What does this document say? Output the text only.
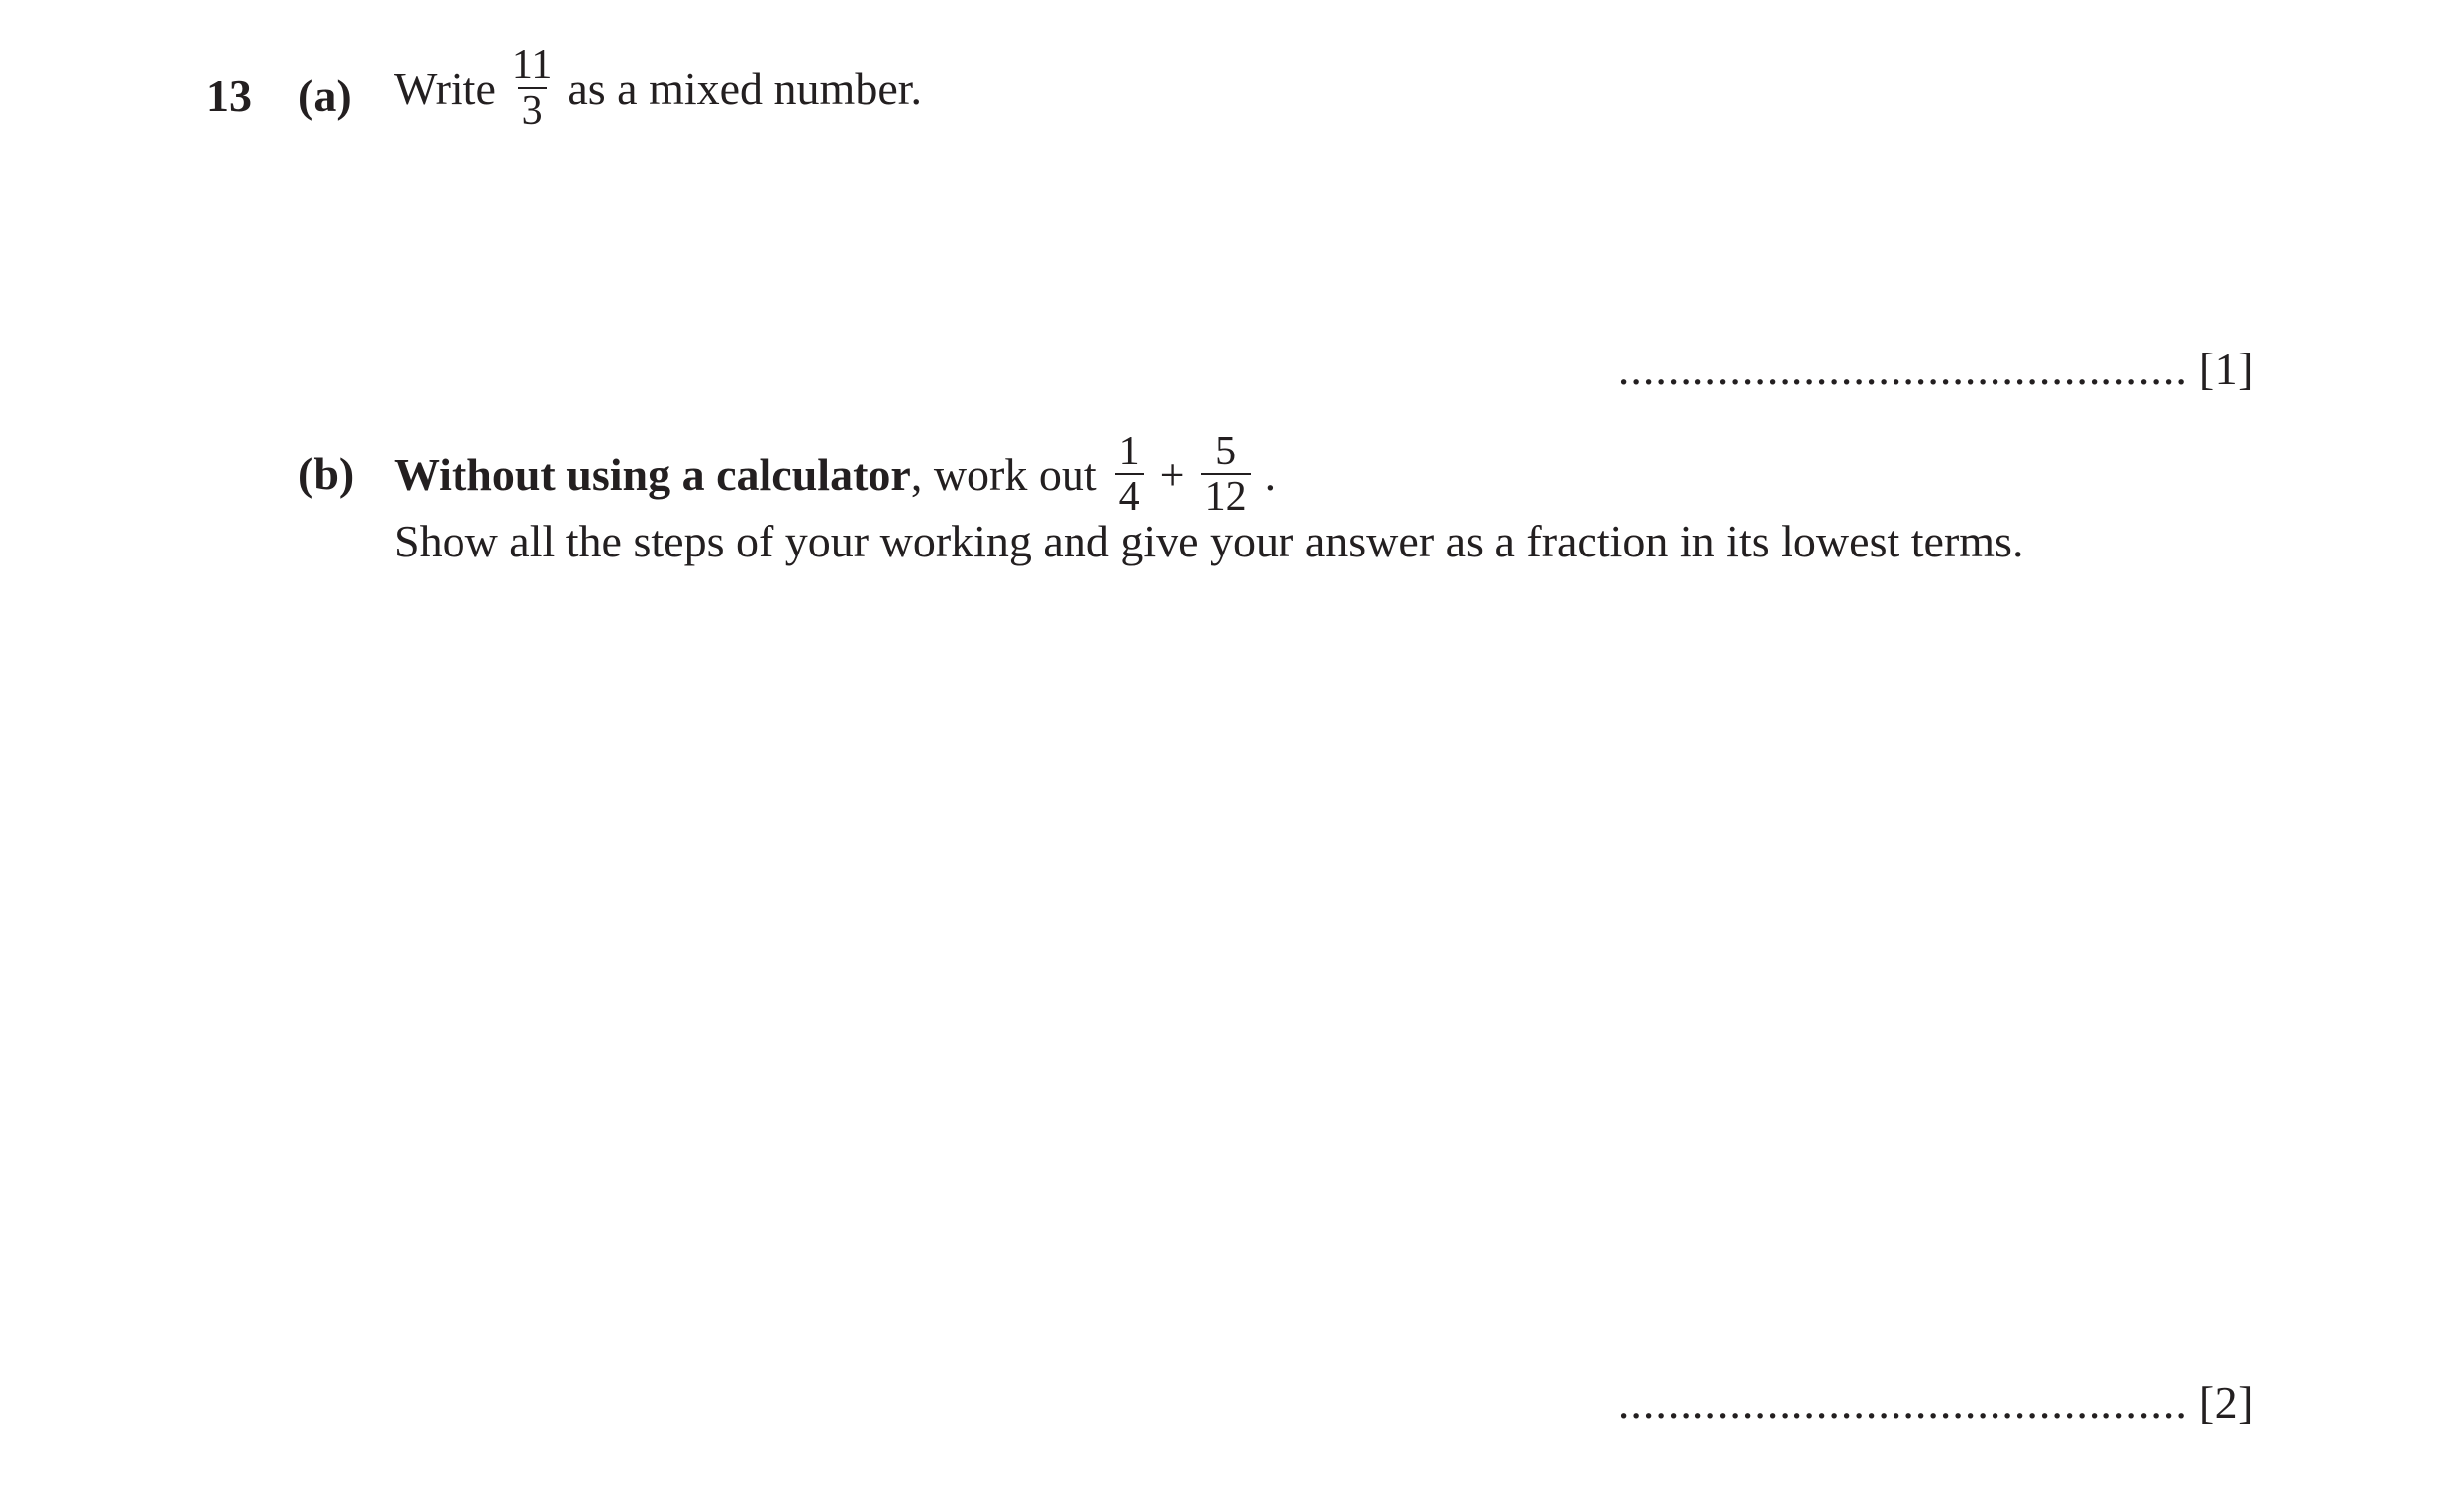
13 (a) Write $\frac{11}{3}$ as a mixed number.
.............................................. [1]
(b) Without using a calculator , work out $\frac{1}{4} + \frac{5}{12}$ .
Show all the steps of your working and give your answer as a fraction in its lowest terms.
.............................................. [2]
